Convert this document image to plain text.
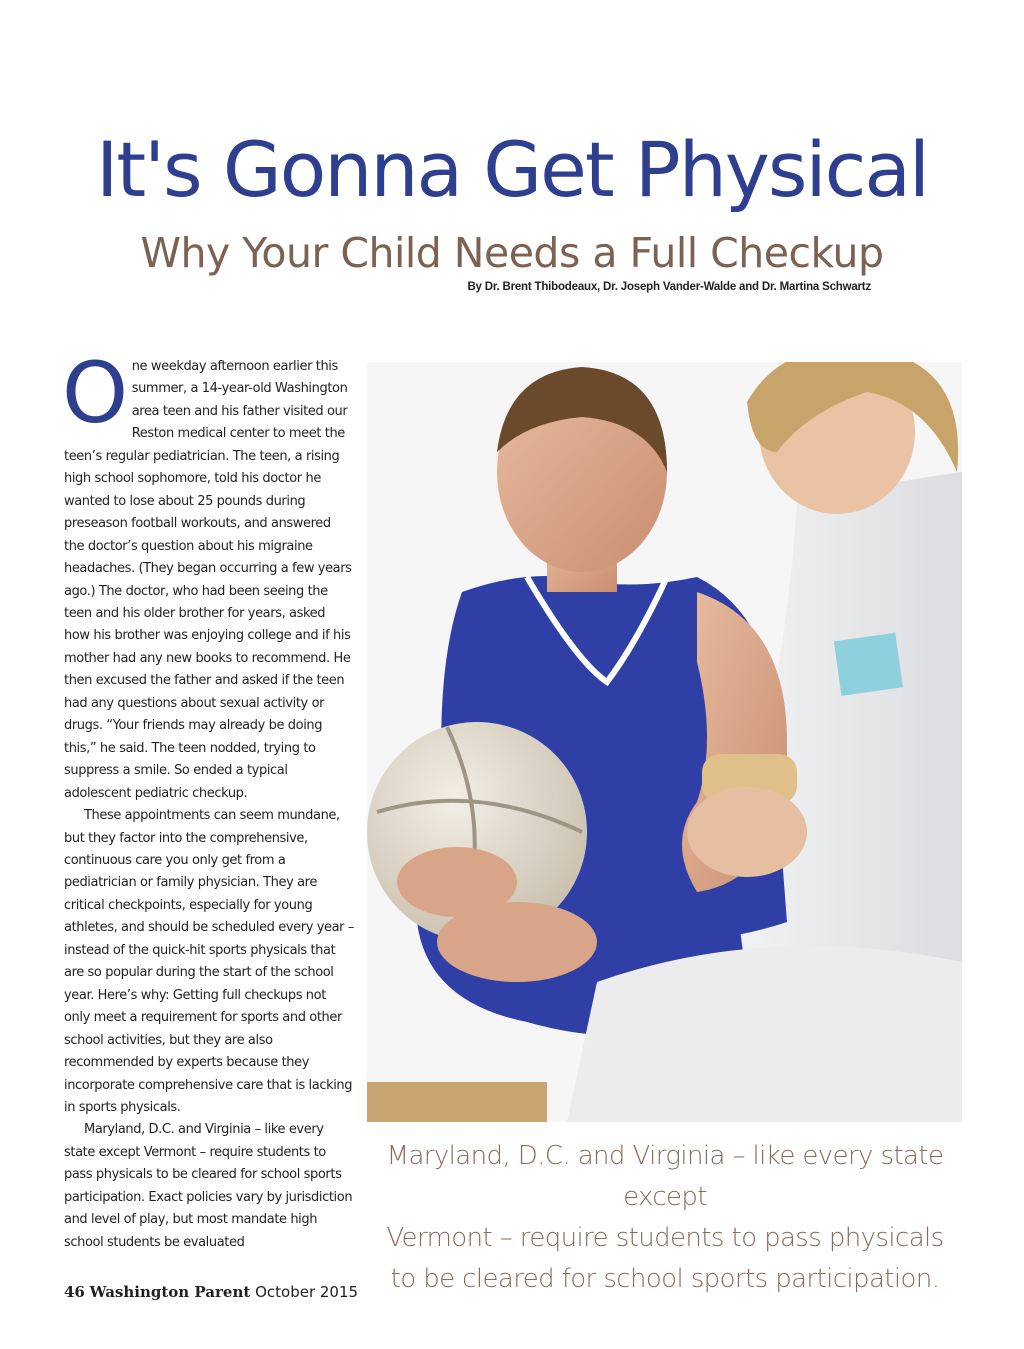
It's Gonna Get Physical
Why Your Child Needs a Full Checkup
By Dr. Brent Thibodeaux, Dr. Joseph Vander-Walde and Dr. Martina Schwartz

One weekday afternoon earlier this summer, a 14-year-old Washington area teen and his father visited our Reston medical center to meet the teen’s regular pediatrician. The teen, a rising high school sophomore, told his doctor he wanted to lose about 25 pounds during preseason football workouts, and answered the doctor’s question about his migraine headaches. (They began occurring a few years ago.) The doctor, who had been seeing the teen and his older brother for years, asked how his brother was enjoying college and if his mother had any new books to recommend. He then excused the father and asked if the teen had any questions about sexual activity or drugs. “Your friends may already be doing this,” he said. The teen nodded, trying to suppress a smile. So ended a typical adolescent pediatric checkup.

These appointments can seem mundane, but they factor into the comprehensive, continuous care you only get from a pediatrician or family physician. They are critical checkpoints, especially for young athletes, and should be scheduled every year – instead of the quick-hit sports physicals that are so popular during the start of the school year. Here’s why: Getting full checkups not only meet a requirement for sports and other school activities, but they are also recommended by experts because they incorporate comprehensive care that is lacking in sports physicals.

Maryland, D.C. and Virginia – like every state except Vermont – require students to pass physicals to be cleared for school sports participation. Exact policies vary by jurisdiction and level of play, but most mandate high school students be evaluated

Maryland, D.C. and Virginia – like every state except
Vermont – require students to pass physicals
to be cleared for school sports participation.
46 Washington Parent October 2015
